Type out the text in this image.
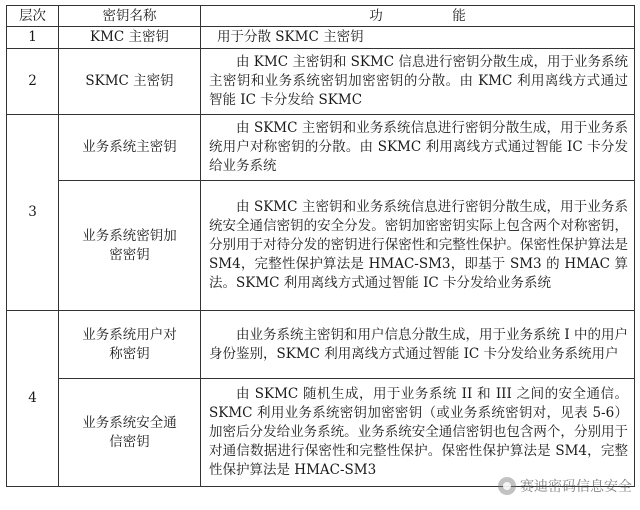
层次	密钥名称	功　能
1	KMC 主密钥	用于分散 SKMC 主密钥
2	SKMC 主密钥	由 KMC 主密钥和 SKMC 信息进行密钥分散生成，用于业务系统主密钥和业务系统密钥加密密钥的分散。由 KMC 利用离线方式通过智能 IC 卡分发给 SKMC
3	业务系统主密钥	由 SKMC 主密钥和业务系统信息进行密钥分散生成，用于业务系统用户对称密钥的分散。由 SKMC 利用离线方式通过智能 IC 卡分发给业务系统
	业务系统密钥加密密钥	由 SKMC 主密钥和业务系统信息进行密钥分散生成，用于业务系统安全通信密钥的安全分发。密钥加密密钥实际上包含两个对称密钥，分别用于对待分发的密钥进行保密性和完整性保护。保密性保护算法是 SM4，完整性保护算法是 HMAC-SM3，即基于 SM3 的 HMAC 算法。SKMC 利用离线方式通过智能 IC 卡分发给业务系统
4	业务系统用户对称密钥	由业务系统主密钥和用户信息分散生成，用于业务系统 I 中的用户身份鉴别，SKMC 利用离线方式通过智能 IC 卡分发给业务系统用户
	业务系统安全通信密钥	由 SKMC 随机生成，用于业务系统 II 和 III 之间的安全通信。SKMC 利用业务系统密钥加密密钥（或业务系统密钥对，见表 5-6）加密后分发给业务系统。业务系统安全通信密钥也包含两个，分别用于对通信数据进行保密性和完整性保护。保密性保护算法是 SM4，完整性保护算法是 HMAC-SM3
赛迪密码信息安全
